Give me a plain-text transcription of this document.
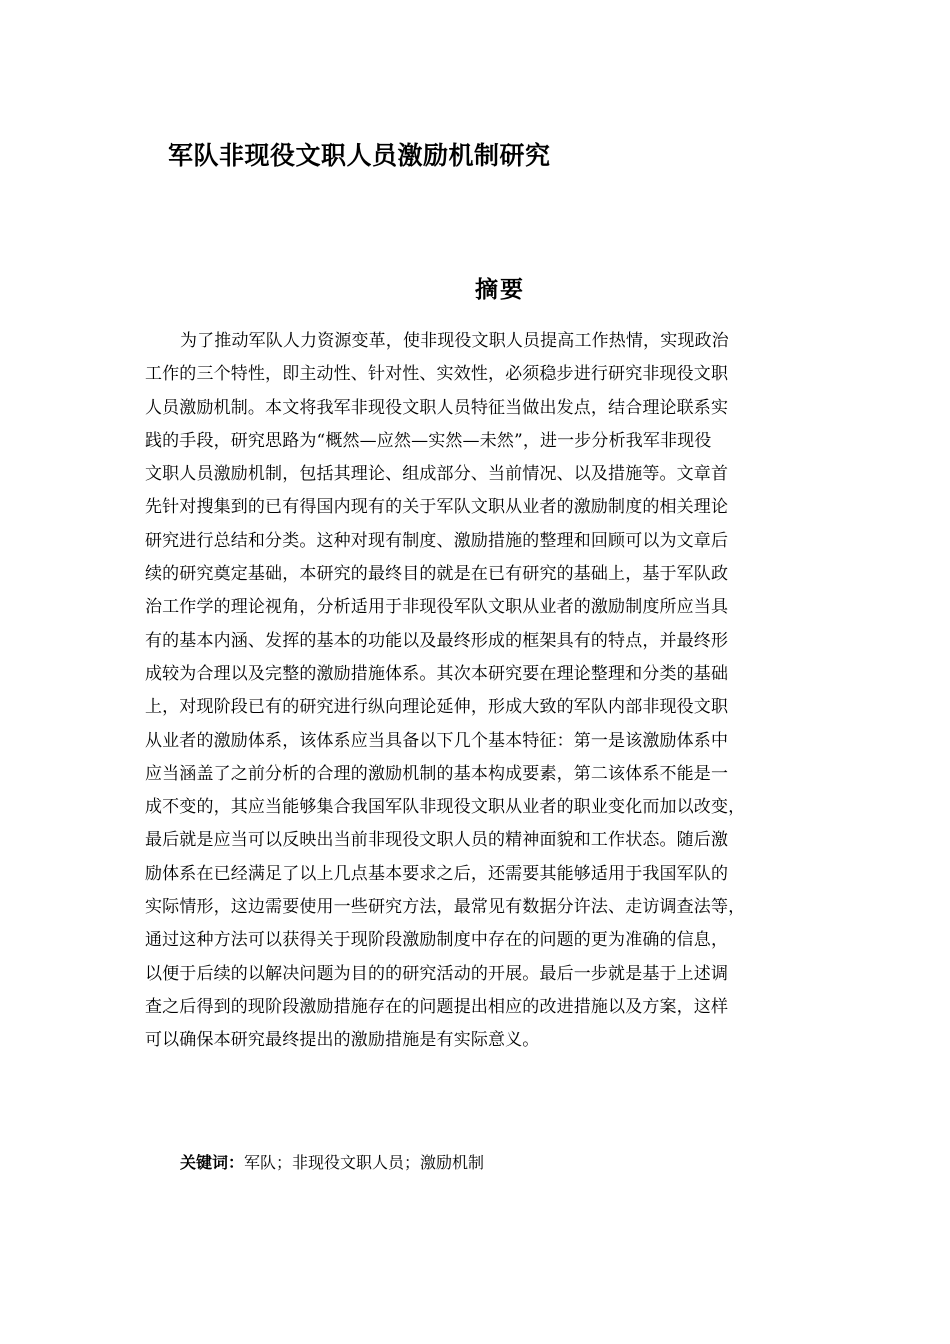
军队非现役文职人员激励机制研究
摘要
为了推动军队人力资源变革，使非现役文职人员提高工作热情，实现政治
工作的三个特性，即主动性、针对性、实效性，必须稳步进行研究非现役文职
人员激励机制。本文将我军非现役文职人员特征当做出发点，结合理论联系实
践的手段，研究思路为“概然—应然—实然—未然”，进一步分析我军非现役
文职人员激励机制，包括其理论、组成部分、当前情况、以及措施等。文章首
先针对搜集到的已有得国内现有的关于军队文职从业者的激励制度的相关理论
研究进行总结和分类。这种对现有制度、激励措施的整理和回顾可以为文章后
续的研究奠定基础，本研究的最终目的就是在已有研究的基础上，基于军队政
治工作学的理论视角，分析适用于非现役军队文职从业者的激励制度所应当具
有的基本内涵、发挥的基本的功能以及最终形成的框架具有的特点，并最终形
成较为合理以及完整的激励措施体系。其次本研究要在理论整理和分类的基础
上，对现阶段已有的研究进行纵向理论延伸，形成大致的军队内部非现役文职
从业者的激励体系，该体系应当具备以下几个基本特征：第一是该激励体系中
应当涵盖了之前分析的合理的激励机制的基本构成要素，第二该体系不能是一
成不变的，其应当能够集合我国军队非现役文职从业者的职业变化而加以改变，
最后就是应当可以反映出当前非现役文职人员的精神面貌和工作状态。随后激
励体系在已经满足了以上几点基本要求之后，还需要其能够适用于我国军队的
实际情形，这边需要使用一些研究方法，最常见有数据分许法、走访调查法等，
通过这种方法可以获得关于现阶段激励制度中存在的问题的更为准确的信息，
以便于后续的以解决问题为目的的研究活动的开展。最后一步就是基于上述调
查之后得到的现阶段激励措施存在的问题提出相应的改进措施以及方案，这样
可以确保本研究最终提出的激励措施是有实际意义。

关键词：军队；非现役文职人员；激励机制
